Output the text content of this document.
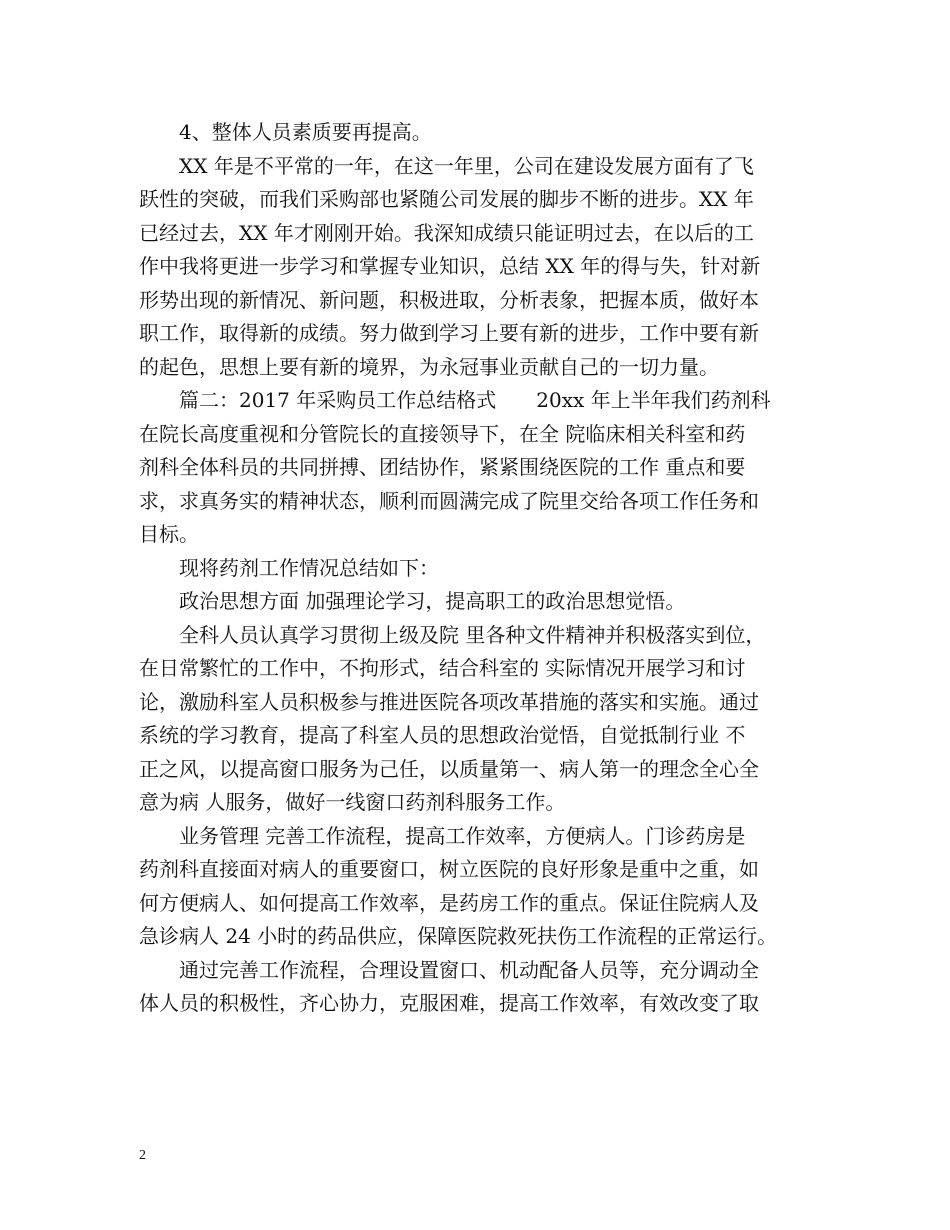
4、整体人员素质要再提高。
XX 年是不平常的一年，在这一年里，公司在建设发展方面有了飞
跃性的突破，而我们采购部也紧随公司发展的脚步不断的进步。XX 年
已经过去，XX 年才刚刚开始。我深知成绩只能证明过去，在以后的工
作中我将更进一步学习和掌握专业知识，总结 XX 年的得与失，针对新
形势出现的新情况、新问题，积极进取，分析表象，把握本质，做好本
职工作，取得新的成绩。努力做到学习上要有新的进步，工作中要有新
的起色，思想上要有新的境界，为永冠事业贡献自己的一切力量。
篇二：2017 年采购员工作总结格式　　20xx 年上半年我们药剂科
在院长高度重视和分管院长的直接领导下，在全 院临床相关科室和药
剂科全体科员的共同拼搏、团结协作，紧紧围绕医院的工作 重点和要
求，求真务实的精神状态，顺利而圆满完成了院里交给各项工作任务和
目标。
现将药剂工作情况总结如下：
政治思想方面 加强理论学习，提高职工的政治思想觉悟。
全科人员认真学习贯彻上级及院 里各种文件精神并积极落实到位，
在日常繁忙的工作中，不拘形式，结合科室的 实际情况开展学习和讨
论，激励科室人员积极参与推进医院各项改革措施的落实和实施。通过
系统的学习教育，提高了科室人员的思想政治觉悟，自觉抵制行业 不
正之风，以提高窗口服务为己任，以质量第一、病人第一的理念全心全
意为病 人服务，做好一线窗口药剂科服务工作。
业务管理 完善工作流程，提高工作效率，方便病人。门诊药房是
药剂科直接面对病人的重要窗口，树立医院的良好形象是重中之重，如
何方便病人、如何提高工作效率，是药房工作的重点。保证住院病人及
急诊病人 24 小时的药品供应，保障医院救死扶伤工作流程的正常运行。
通过完善工作流程，合理设置窗口、机动配备人员等，充分调动全
体人员的积极性，齐心协力，克服困难，提高工作效率，有效改变了取
2
